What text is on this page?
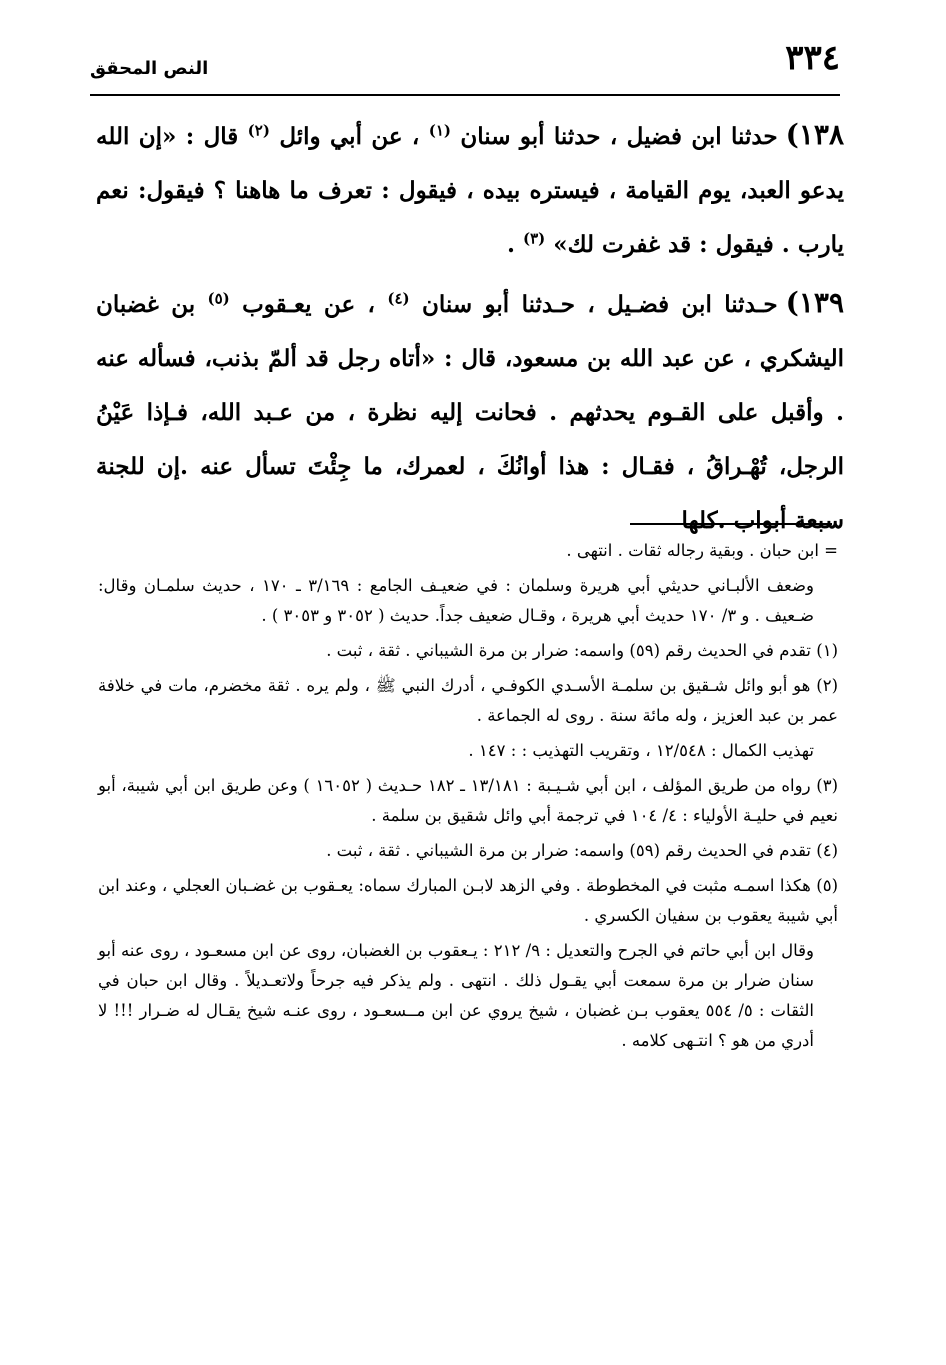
٣٣٤
النص المحقق

١٣٨)حدثنا ابن فضيل ، حدثنا أبو سنان $^{(١)}$ ، عن أبي وائل $^{(٢)}$ قال : «إن الله يدعو العبد، يوم القيامة ، فيستره بيده ، فيقول : تعرف ما هاهنا ؟ فيقول: نعم يارب . فيقول : قد غفرت لك» $^{(٣)}$ .

١٣٩)حـدثنا ابن فضـيل ، حـدثنا أبو سنان $^{(٤)}$ ، عن يعـقوب $^{(٥)}$ بن غضبان اليشكري ، عن عبد الله بن مسعود، قال : «أتاه رجل قد ألمّ بذنب، فسأله عنه . وأقبل على القـوم يحدثهم . فحانت إليه نظرة ، من عـبد الله، فـإذا عَيْنُ الرجل، تُهْـراقُ ، فقـال : هذا أوانُكَ ، لعمرك، ما جِئْتَ تسأل عنه .إن للجنة سبعة أبواب .كلها

= ابن حبان . وبقية رجاله ثقات . انتهى .

وضعف الألبـاني حديثي أبي هريرة وسلمان : في ضعيـف الجامع : ٣/١٦٩ ـ ١٧٠ ، حديث سلمـان وقال: ضـعيف . و ٣/ ١٧٠ حديث أبي هريرة ، وقـال ضعيف جداً. حديث ( ٣٠٥٢ و ٣٠٥٣ ) .

(١) تقدم في الحديث رقم (٥٩) واسمه: ضرار بن مرة الشيباني . ثقة ، ثبت .

(٢) هو أبو وائل شـقيق بن سلمـة الأسـدي الكوفـي ، أدرك النبي ﷺ ، ولم يره . ثقة مخضرم، مات في خلافة عمر بن عبد العزيز ، وله مائة سنة . روى له الجماعة .

تهذيب الكمال : ١٢/٥٤٨ ، وتقريب التهذيب : : ١٤٧ .

(٣) رواه من طريق المؤلف ، ابن أبي شـيـبة : ١٣/١٨١ ـ ١٨٢ حـديث ( ١٦٠٥٢ ) وعن طريق ابن أبي شيبة، أبو نعيم في حليـة الأولياء : ٤/ ١٠٤ في ترجمة أبي وائل شقيق بن سلمة .

(٤) تقدم في الحديث رقم (٥٩) واسمه: ضرار بن مرة الشيباني . ثقة ، ثبت .

(٥) هكذا اسمـه مثبت في المخطوطة . وفي الزهد لابـن المبارك سماه: يعـقوب بن غضـبان العجلي ، وعند ابن أبي شيبة يعقوب بن سفيان الكسري .

وقال ابن أبي حاتم في الجرح والتعديل : ٩/ ٢١٢ : يـعقوب بن الغضبان، روى عن ابن مسعـود ، روى عنه أبو سنان ضرار بن مرة سمعت أبي يقـول ذلك . انتهى . ولم يذكر فيه جرحاً ولاتعـديلاً . وقال ابن حبان في الثقات : ٥/ ٥٥٤ يعقوب بـن غضبان ، شيخ يروي عن ابن مــسعـود ، روى عنـه شيخ يقـال له ضـرار !!! لا أدري من هو ؟ انتـهى كلامه .
